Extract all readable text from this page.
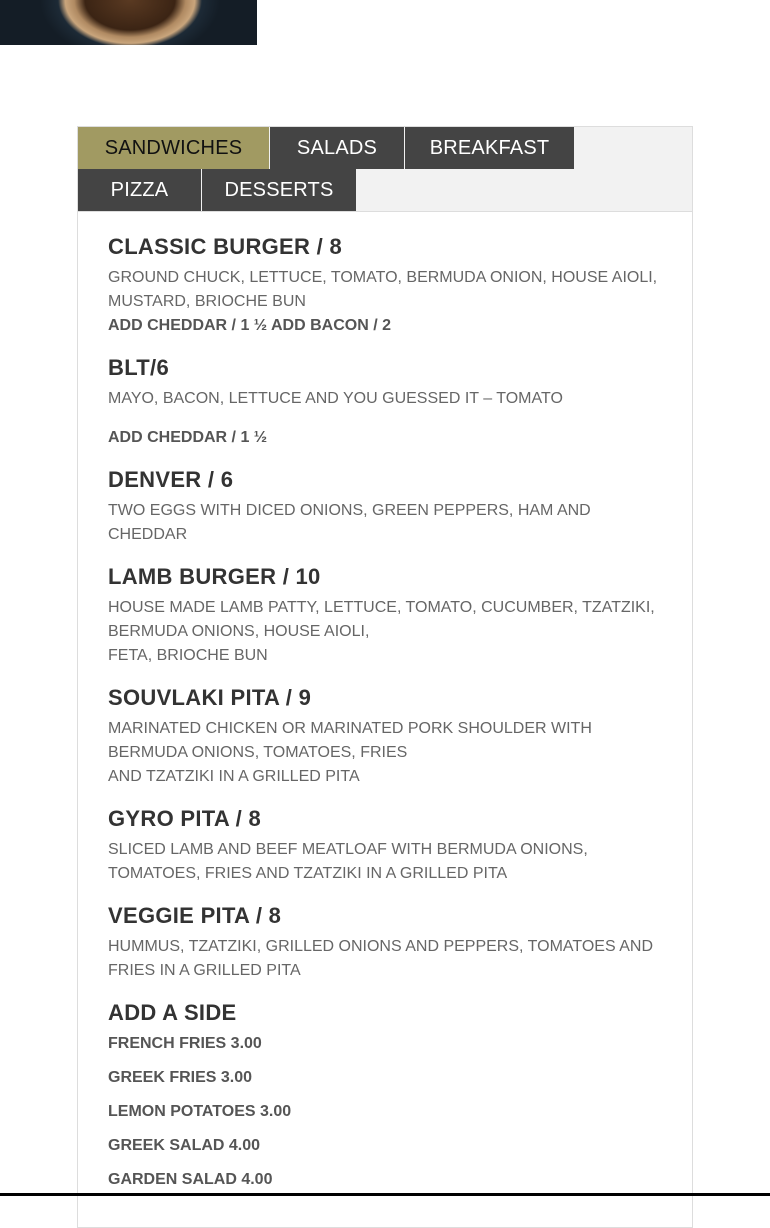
SANDWICHES	SALADS	BREAKFAST
PIZZA	DESSERTS
CLASSIC BURGER / 8

GROUND CHUCK, LETTUCE, TOMATO, BERMUDA ONION, HOUSE AIOLI, MUSTARD, BRIOCHE BUN
ADD CHEDDAR / 1 ½ ADD BACON / 2

BLT/6

MAYO, BACON, LETTUCE AND YOU GUESSED IT – TOMATO

ADD CHEDDAR / 1 ½

DENVER / 6

TWO EGGS WITH DICED ONIONS, GREEN PEPPERS, HAM AND CHEDDAR

LAMB BURGER / 10

HOUSE MADE LAMB PATTY, LETTUCE, TOMATO, CUCUMBER, TZATZIKI, BERMUDA ONIONS, HOUSE AIOLI,
FETA, BRIOCHE BUN

SOUVLAKI PITA / 9

MARINATED CHICKEN OR MARINATED PORK SHOULDER WITH BERMUDA ONIONS, TOMATOES, FRIES
AND TZATZIKI IN A GRILLED PITA

GYRO PITA / 8

SLICED LAMB AND BEEF MEATLOAF WITH BERMUDA ONIONS, TOMATOES, FRIES AND TZATZIKI IN A GRILLED PITA

VEGGIE PITA / 8

HUMMUS, TZATZIKI, GRILLED ONIONS AND PEPPERS, TOMATOES AND FRIES IN A GRILLED PITA

ADD A SIDE

FRENCH FRIES 3.00

GREEK FRIES 3.00

LEMON POTATOES 3.00

GREEK SALAD 4.00

GARDEN SALAD 4.00
